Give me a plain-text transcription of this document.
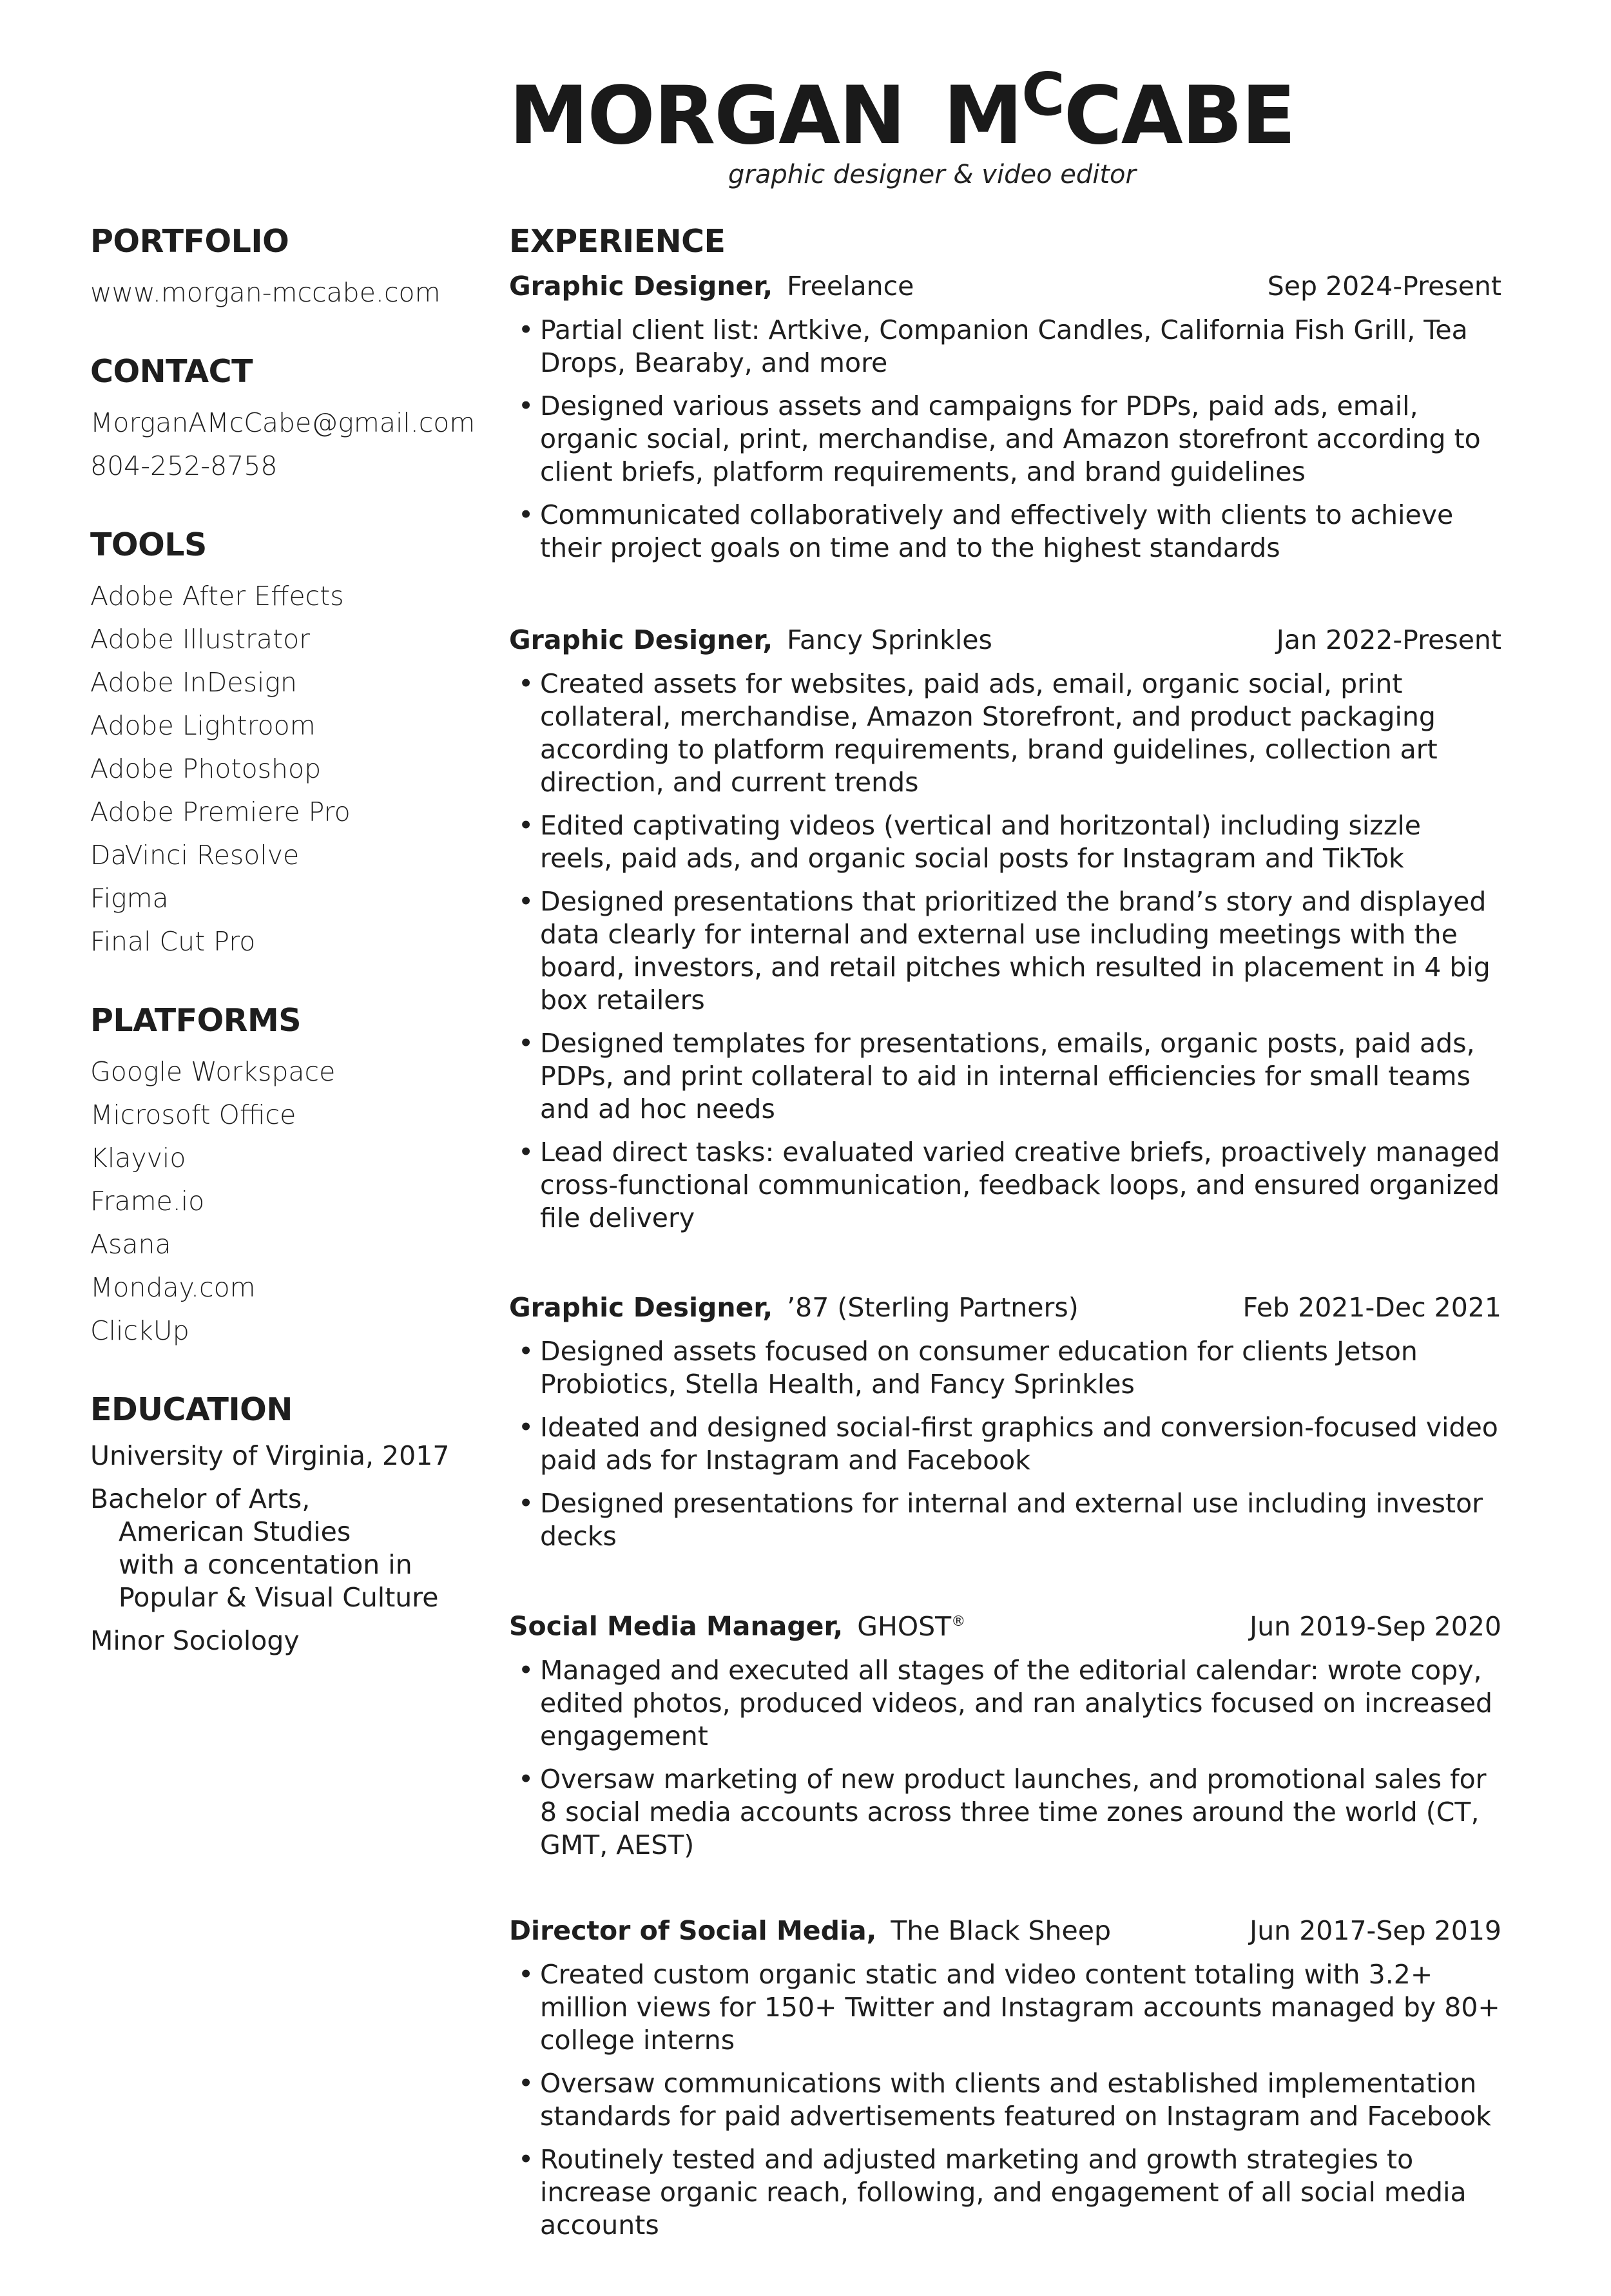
MORGAN $M^CCABE$
graphic designer & video editor
PORTFOLIO
www.morgan-mccabe.com
CONTACT
MorganAMcCabe@gmail.com
804-252-8758
TOOLS
Adobe After Effects
Adobe Illustrator
Adobe InDesign
Adobe Lightroom
Adobe Photoshop
Adobe Premiere Pro
DaVinci Resolve
Figma
Final Cut Pro
PLATFORMS
Google Workspace
Microsoft Office
Klayvio
Frame.io
Asana
Monday.com
ClickUp
EDUCATION
University of Virginia, 2017
Bachelor of Arts,
American Studies
with a concentation in
Popular & Visual Culture
Minor Sociology
EXPERIENCE
Graphic Designer, Freelance	Sep 2024-Present
• Partial client list: Artkive, Companion Candles, California Fish Grill, Tea Drops, Bearaby, and more
• Designed various assets and campaigns for PDPs, paid ads, email, organic social, print, merchandise, and Amazon storefront according to client briefs, platform requirements, and brand guidelines
• Communicated collaboratively and effectively with clients to achieve their project goals on time and to the highest standards
Graphic Designer, Fancy Sprinkles	Jan 2022-Present
• Created assets for websites, paid ads, email, organic social, print collateral, merchandise, Amazon Storefront, and product packaging according to platform requirements, brand guidelines, collection art direction, and current trends
• Edited captivating videos (vertical and horitzontal) including sizzle reels, paid ads, and organic social posts for Instagram and TikTok
• Designed presentations that prioritized the brand’s story and displayed data clearly for internal and external use including meetings with the board, investors, and retail pitches which resulted in placement in 4 big box retailers
• Designed templates for presentations, emails, organic posts, paid ads, PDPs, and print collateral to aid in internal efficiencies for small teams and ad hoc needs
• Lead direct tasks: evaluated varied creative briefs, proactively managed cross-functional communication, feedback loops, and ensured organized file delivery
Graphic Designer, ’87 (Sterling Partners)	Feb 2021-Dec 2021
• Designed assets focused on consumer education for clients Jetson Probiotics, Stella Health, and Fancy Sprinkles
• Ideated and designed social-first graphics and conversion-focused video paid ads for Instagram and Facebook
• Designed presentations for internal and external use including investor decks
Social Media Manager, GHOST®	Jun 2019-Sep 2020
• Managed and executed all stages of the editorial calendar: wrote copy, edited photos, produced videos, and ran analytics focused on increased engagement
• Oversaw marketing of new product launches, and promotional sales for 8 social media accounts across three time zones around the world (CT, GMT, AEST)
Director of Social Media, The Black Sheep	Jun 2017-Sep 2019
• Created custom organic static and video content totaling with 3.2+ million views for 150+ Twitter and Instagram accounts managed by 80+ college interns
• Oversaw communications with clients and established implementation standards for paid advertisements featured on Instagram and Facebook
• Routinely tested and adjusted marketing and growth strategies to increase organic reach, following, and engagement of all social media accounts
